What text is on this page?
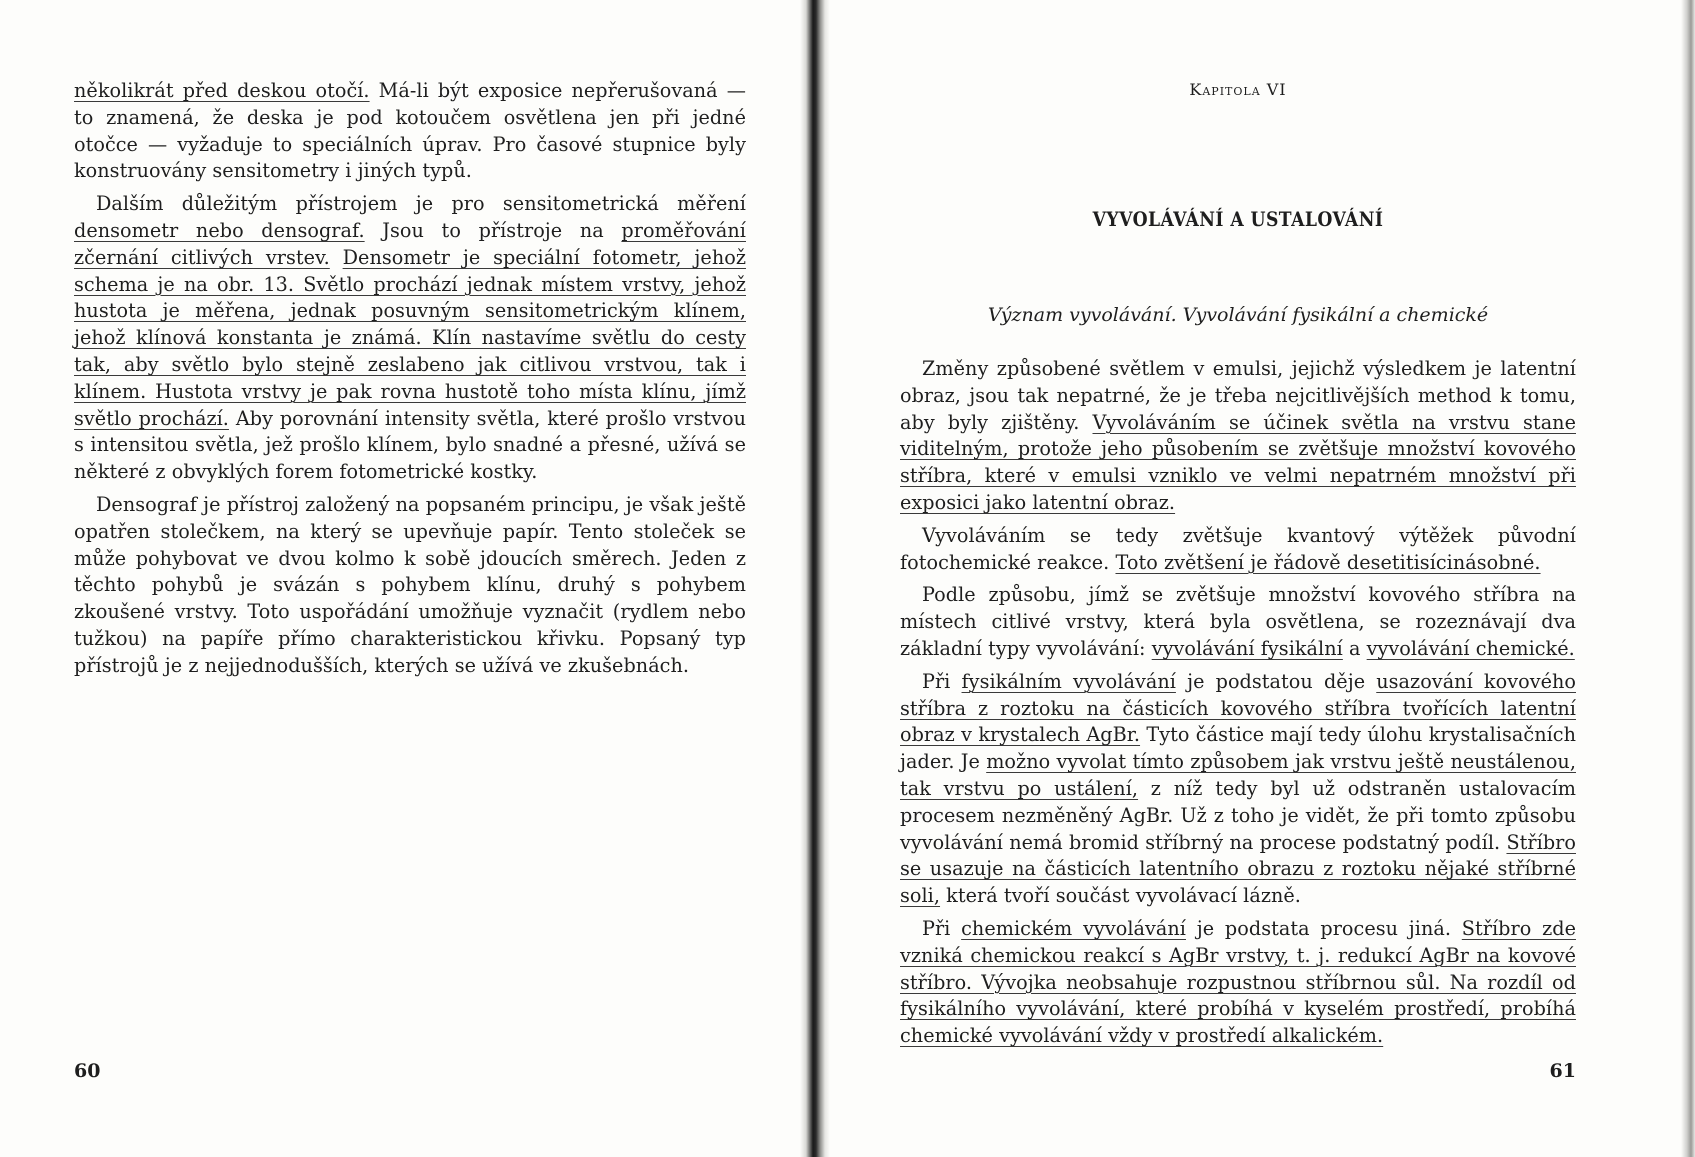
několikrát před deskou otočí. Má-li být exposice nepřerušovaná — to znamená, že deska je pod kotoučem osvětlena jen při jedné otočce — vyžaduje to speciálních úprav. Pro časové stupnice byly konstruovány sensitometry i jiných typů.

Dalším důležitým přístrojem je pro sensitometrická měření densometr nebo densograf. Jsou to přístroje na proměřování zčernání citlivých vrstev. Densometr je speciální fotometr, jehož schema je na obr. 13. Světlo prochází jednak místem vrstvy, jehož hustota je měřena, jednak posuvným sensitometrickým klínem, jehož klínová konstanta je známá. Klín nastavíme světlu do cesty tak, aby světlo bylo stejně zeslabeno jak citlivou vrstvou, tak i klínem. Hustota vrstvy je pak rovna hustotě toho místa klínu, jímž světlo prochází. Aby porovnání intensity světla, které prošlo vrstvou s intensitou světla, jež prošlo klínem, bylo snadné a přesné, užívá se některé z obvyklých forem fotometrické kostky.

Densograf je přístroj založený na popsaném principu, je však ještě opatřen stolečkem, na který se upevňuje papír. Tento stoleček se může pohybovat ve dvou kolmo k sobě jdoucích směrech. Jeden z těchto pohybů je svázán s pohybem klínu, druhý s pohybem zkoušené vrstvy. Toto uspořádání umožňuje vyznačit (rydlem nebo tužkou) na papíře přímo charakteristickou křivku. Popsaný typ přístrojů je z nejjednodušších, kterých se užívá ve zkušebnách.

60
Kapitola VI
VYVOLÁVÁNÍ A USTALOVÁNÍ
Význam vyvolávání. Vyvolávání fysikální a chemické

Změny způsobené světlem v emulsi, jejichž výsledkem je latentní obraz, jsou tak nepatrné, že je třeba nejcitlivějších method k tomu, aby byly zjištěny. Vyvoláváním se účinek světla na vrstvu stane viditelným, protože jeho působením se zvětšuje množství kovového stříbra, které v emulsi vzniklo ve velmi nepatrném množství při exposici jako latentní obraz.

Vyvoláváním se tedy zvětšuje kvantový výtěžek původní fotochemické reakce. Toto zvětšení je řádově desetitisícinásobné.

Podle způsobu, jímž se zvětšuje množství kovového stříbra na místech citlivé vrstvy, která byla osvětlena, se rozeznávají dva základní typy vyvolávání: vyvolávání fysikální a vyvolávání chemické.

Při fysikálním vyvolávání je podstatou děje usazování kovového stříbra z roztoku na částicích kovového stříbra tvořících latentní obraz v krystalech AgBr. Tyto částice mají tedy úlohu krystalisačních jader. Je možno vyvolat tímto způsobem jak vrstvu ještě neustálenou, tak vrstvu po ustálení, z níž tedy byl už odstraněn ustalovacím procesem nezměněný AgBr. Už z toho je vidět, že při tomto způsobu vyvolávání nemá bromid stříbrný na procese podstatný podíl. Stříbro se usazuje na částicích latentního obrazu z roztoku nějaké stříbrné soli, která tvoří součást vyvolávací lázně.

Při chemickém vyvolávání je podstata procesu jiná. Stříbro zde vzniká chemickou reakcí s AgBr vrstvy, t. j. redukcí AgBr na kovové stříbro. Vývojka neobsahuje rozpustnou stříbrnou sůl. Na rozdíl od fysikálního vyvolávání, které probíhá v kyselém prostředí, probíhá chemické vyvolávání vždy v prostředí alkalickém.

61
